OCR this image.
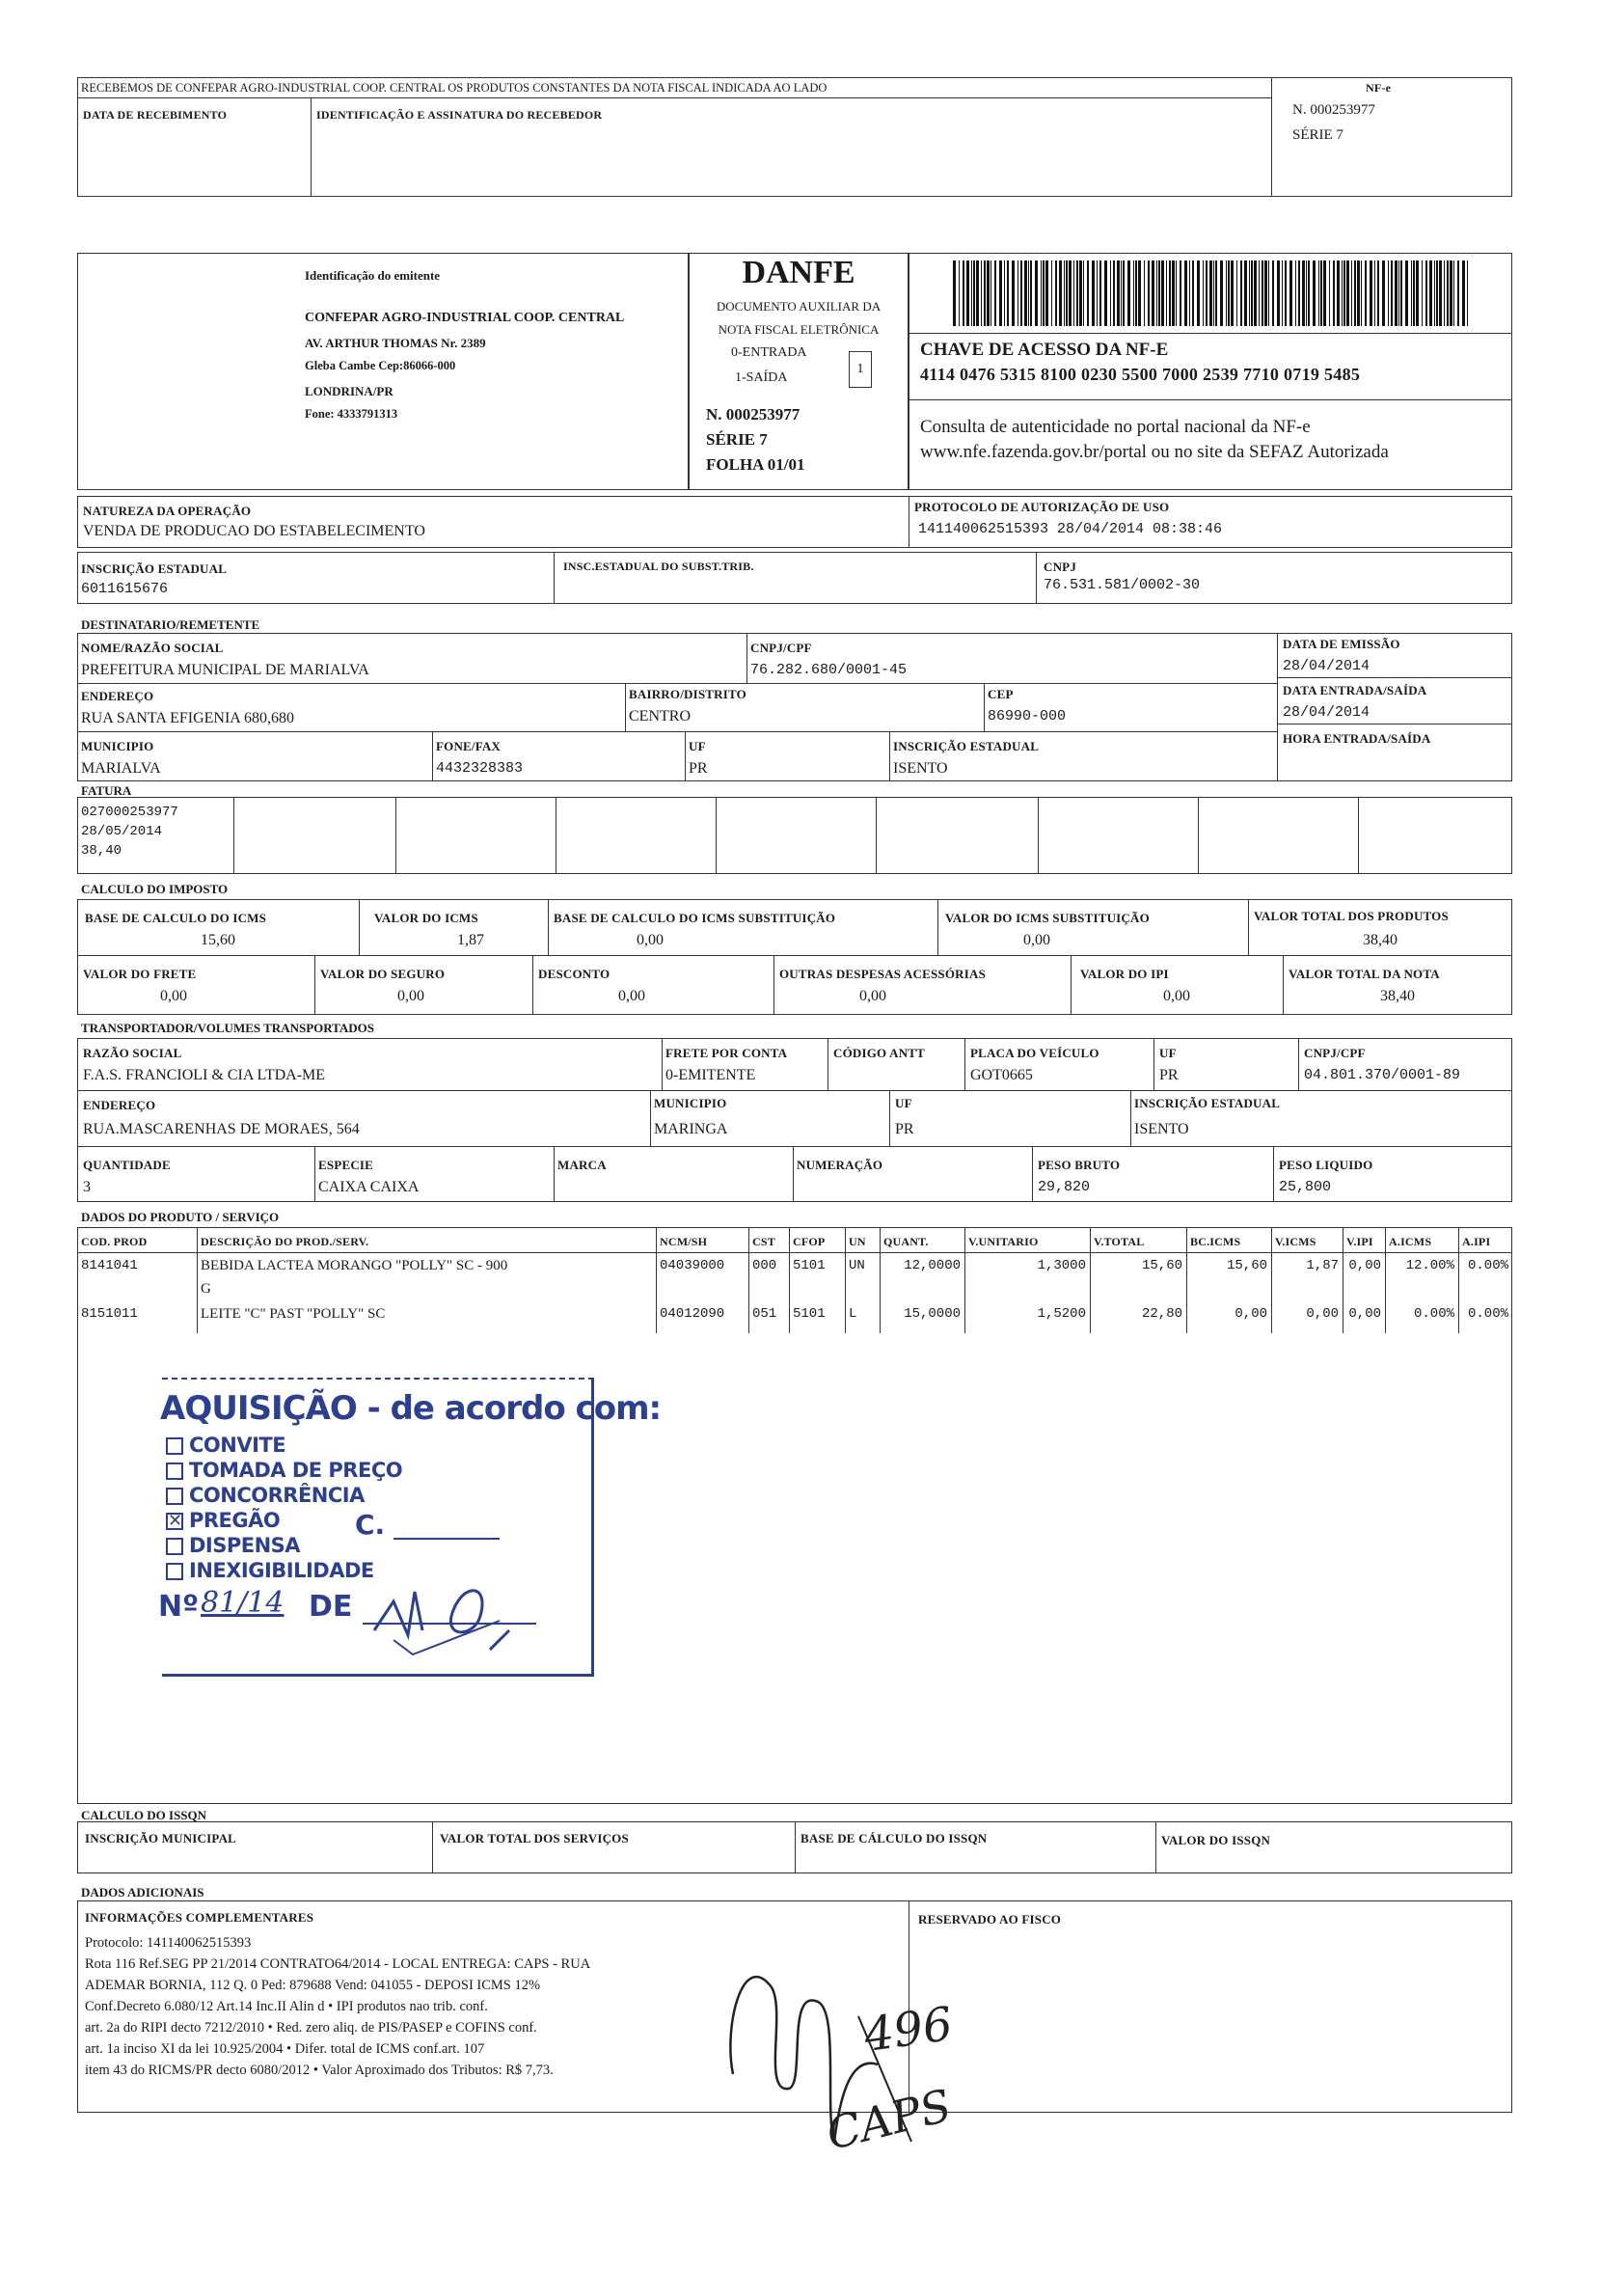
RECEBEMOS DE CONFEPAR AGRO-INDUSTRIAL COOP. CENTRAL OS PRODUTOS CONSTANTES DA NOTA FISCAL INDICADA AO LADO
DATA DE RECEBIMENTO	IDENTIFICAÇÃO E ASSINATURA DO RECEBEDOR
NF-e
N. 000253977
SÉRIE 7
Identificação do emitente
CONFEPAR AGRO-INDUSTRIAL COOP. CENTRAL
AV. ARTHUR THOMAS Nr. 2389
Gleba Cambe Cep:86066-000
LONDRINA/PR
Fone: 4333791313
DANFE
DOCUMENTO AUXILIAR DA
NOTA FISCAL ELETRÔNICA
0-ENTRADA
1-SAÍDA
1
N. 000253977
SÉRIE 7
FOLHA 01/01
CHAVE DE ACESSO DA NF-E
4114 0476 5315 8100 0230 5500 7000 2539 7710 0719 5485
Consulta de autenticidade no portal nacional da NF-e
www.nfe.fazenda.gov.br/portal ou no site da SEFAZ Autorizada
NATUREZA DA OPERAÇÃO
VENDA DE PRODUCAO DO ESTABELECIMENTO
PROTOCOLO DE AUTORIZAÇÃO DE USO
141140062515393 28/04/2014 08:38:46
INSCRIÇÃO ESTADUAL
6011615676
INSC.ESTADUAL DO SUBST.TRIB.	CNPJ
76.531.581/0002-30
DESTINATARIO/REMETENTE
NOME/RAZÃO SOCIAL
PREFEITURA MUNICIPAL DE MARIALVA
CNPJ/CPF
76.282.680/0001-45
DATA DE EMISSÃO
28/04/2014
ENDEREÇO
RUA SANTA EFIGENIA 680,680
BAIRRO/DISTRITO
CENTRO
CEP
86990-000
DATA ENTRADA/SAÍDA
28/04/2014
MUNICIPIO
MARIALVA
FONE/FAX
4432328383
UF
PR
INSCRIÇÃO ESTADUAL
ISENTO
HORA ENTRADA/SAÍDA
FATURA
027000253977
28/05/2014
38,40
CALCULO DO IMPOSTO
BASE DE CALCULO DO ICMS
15,60
VALOR DO ICMS
1,87
BASE DE CALCULO DO ICMS SUBSTITUIÇÃO
0,00
VALOR DO ICMS SUBSTITUIÇÃO
0,00
VALOR TOTAL DOS PRODUTOS
38,40
VALOR DO FRETE
0,00
VALOR DO SEGURO
0,00
DESCONTO
0,00
OUTRAS DESPESAS ACESSÓRIAS
0,00
VALOR DO IPI
0,00
VALOR TOTAL DA NOTA
38,40
TRANSPORTADOR/VOLUMES TRANSPORTADOS
RAZÃO SOCIAL
F.A.S. FRANCIOLI & CIA LTDA-ME
FRETE POR CONTA
0-EMITENTE
CÓDIGO ANTT	PLACA DO VEÍCULO
GOT0665
UF
PR
CNPJ/CPF
04.801.370/0001-89
ENDEREÇO
RUA.MASCARENHAS DE MORAES, 564
MUNICIPIO
MARINGA
UF
PR
INSCRIÇÃO ESTADUAL
ISENTO
QUANTIDADE
3
ESPECIE
CAIXA CAIXA
MARCA	NUMERAÇÃO	PESO BRUTO
29,820
PESO LIQUIDO
25,800
DADOS DO PRODUTO / SERVIÇO
COD. PROD	DESCRIÇÃO DO PROD./SERV.	NCM/SH	CST CFOP UN QUANT.	V.UNITARIO	V.TOTAL	BC.ICMS	V.ICMS	V.IPI A.ICMS	A.IPI
8141041	BEBIDA LACTEA MORANGO "POLLY" SC - 900	04039000	000	5101	UN	12,0000	1,3000	15,60	15,60	1,87 0,00	12.00% 0.00%
G
8151011	LEITE "C" PAST "POLLY" SC	04012090	051	5101	L	15,0000	1,5200	22,80	0,00	0,00 0,00	0.00% 0.00%
AQUISIÇÃO - de acordo com:
CONVITE
TOMADA DE PREÇO
CONCORRÊNCIA
✕ PREGÃO
DISPENSA
INEXIGIBILIDADE
C.
Nº 81/14 DE
CALCULO DO ISSQN
INSCRIÇÃO MUNICIPAL	VALOR TOTAL DOS SERVIÇOS	BASE DE CÁLCULO DO ISSQN	VALOR DO ISSQN
DADOS ADICIONAIS
INFORMAÇÕES COMPLEMENTARES	RESERVADO AO FISCO
Protocolo: 141140062515393
Rota 116 Ref.SEG PP 21/2014 CONTRATO64/2014 - LOCAL ENTREGA: CAPS - RUA
ADEMAR BORNIA, 112 Q. 0 Ped: 879688 Vend: 041055 - DEPOSI ICMS 12%
Conf.Decreto 6.080/12 Art.14 Inc.II Alin d • IPI produtos nao trib. conf.
art. 2a do RIPI decto 7212/2010 • Red. zero aliq. de PIS/PASEP e COFINS conf.
art. 1a inciso XI da lei 10.925/2004 • Difer. total de ICMS conf.art. 107
item 43 do RICMS/PR decto 6080/2012 • Valor Aproximado dos Tributos: R$ 7,73.
496
CAPS
